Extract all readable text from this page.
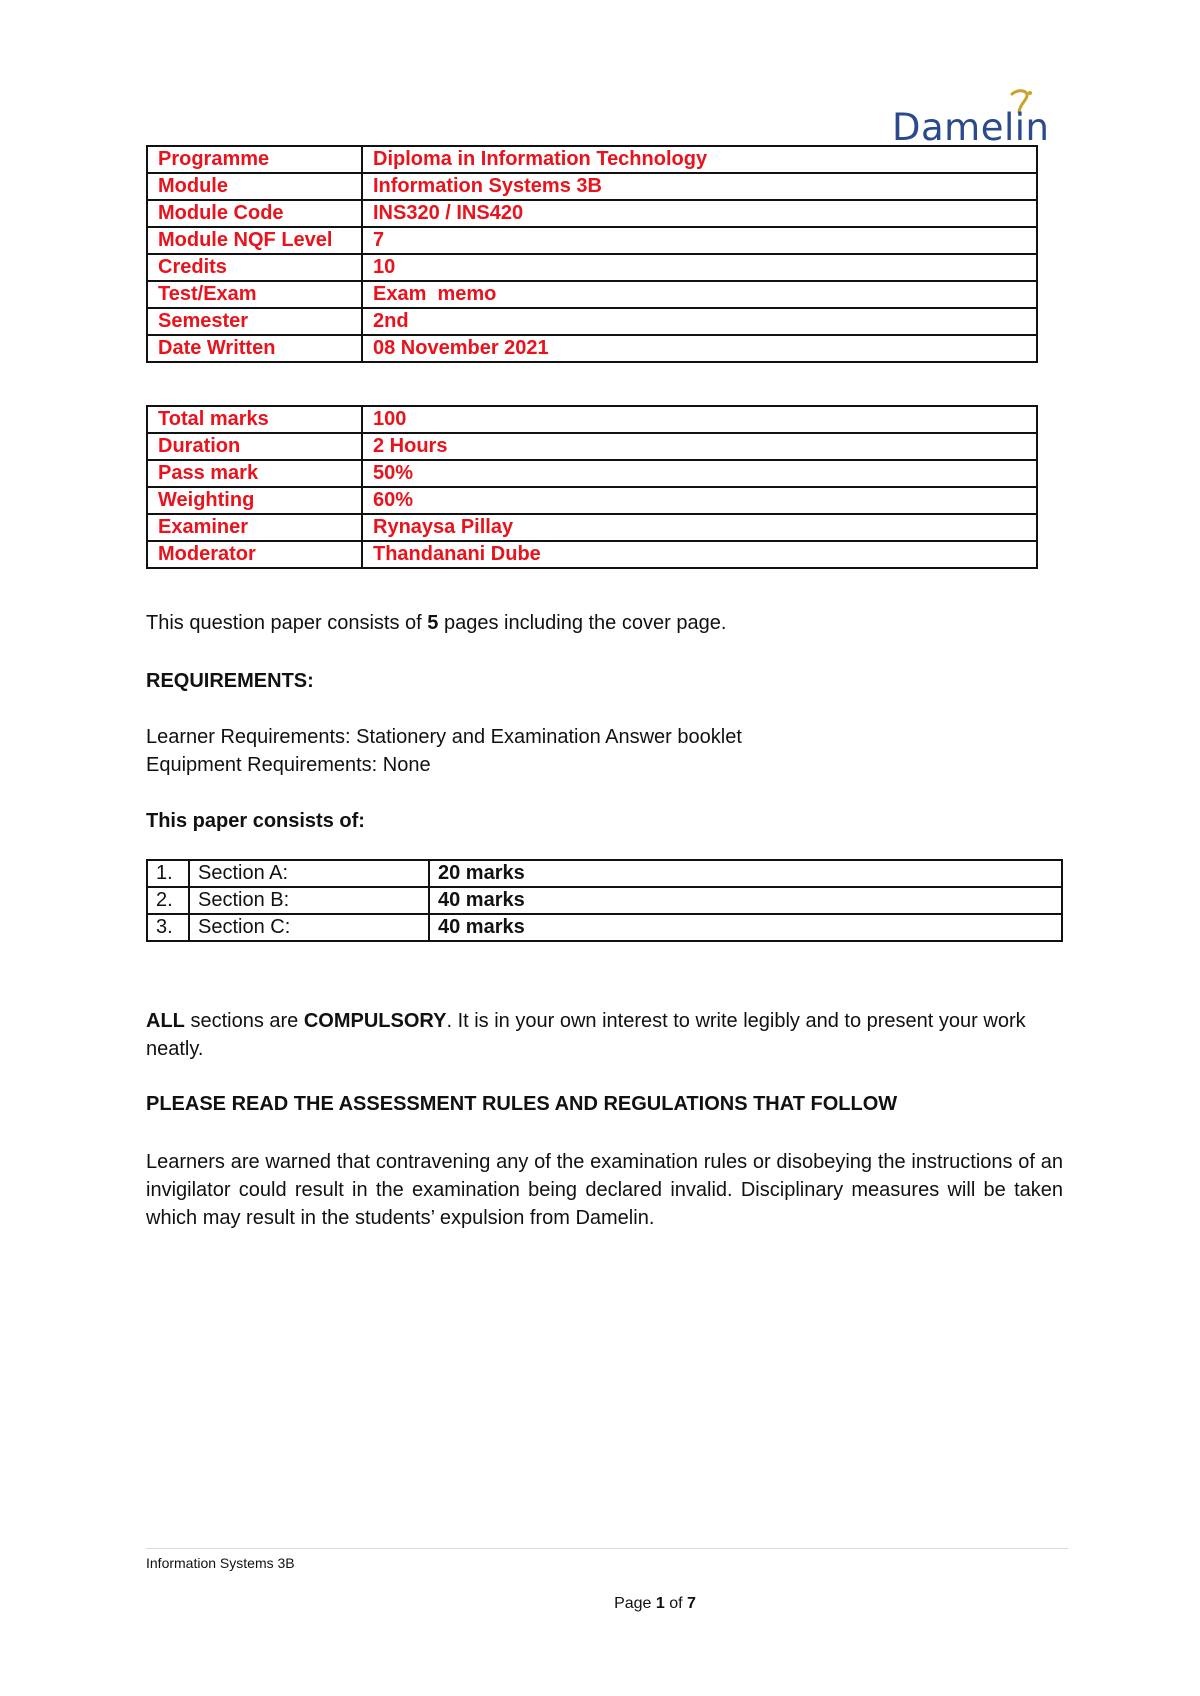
Damelin
Programme	Diploma in Information Technology
Module	Information Systems 3B
Module Code	INS320 / INS420
Module NQF Level	7
Credits	10
Test/Exam	Exam  memo
Semester	2nd
Date Written	08 November 2021
Total marks	100
Duration	2 Hours
Pass mark	50%
Weighting	60%
Examiner	Rynaysa Pillay
Moderator	Thandanani Dube
This question paper consists of 5 pages including the cover page.
REQUIREMENTS:
Learner Requirements: Stationery and Examination Answer booklet
Equipment Requirements: None
This paper consists of:
1.	Section A:	20 marks
2.	Section B:	40 marks
3.	Section C:	40 marks
ALL sections are COMPULSORY. It is in your own interest to write legibly and to present your work neatly.
PLEASE READ THE ASSESSMENT RULES AND REGULATIONS THAT FOLLOW
Learners are warned that contravening any of the examination rules or disobeying the instructions of an invigilator could result in the examination being declared invalid. Disciplinary measures will be taken which may result in the students’ expulsion from Damelin.
Information Systems 3B
Page 1 of 7
